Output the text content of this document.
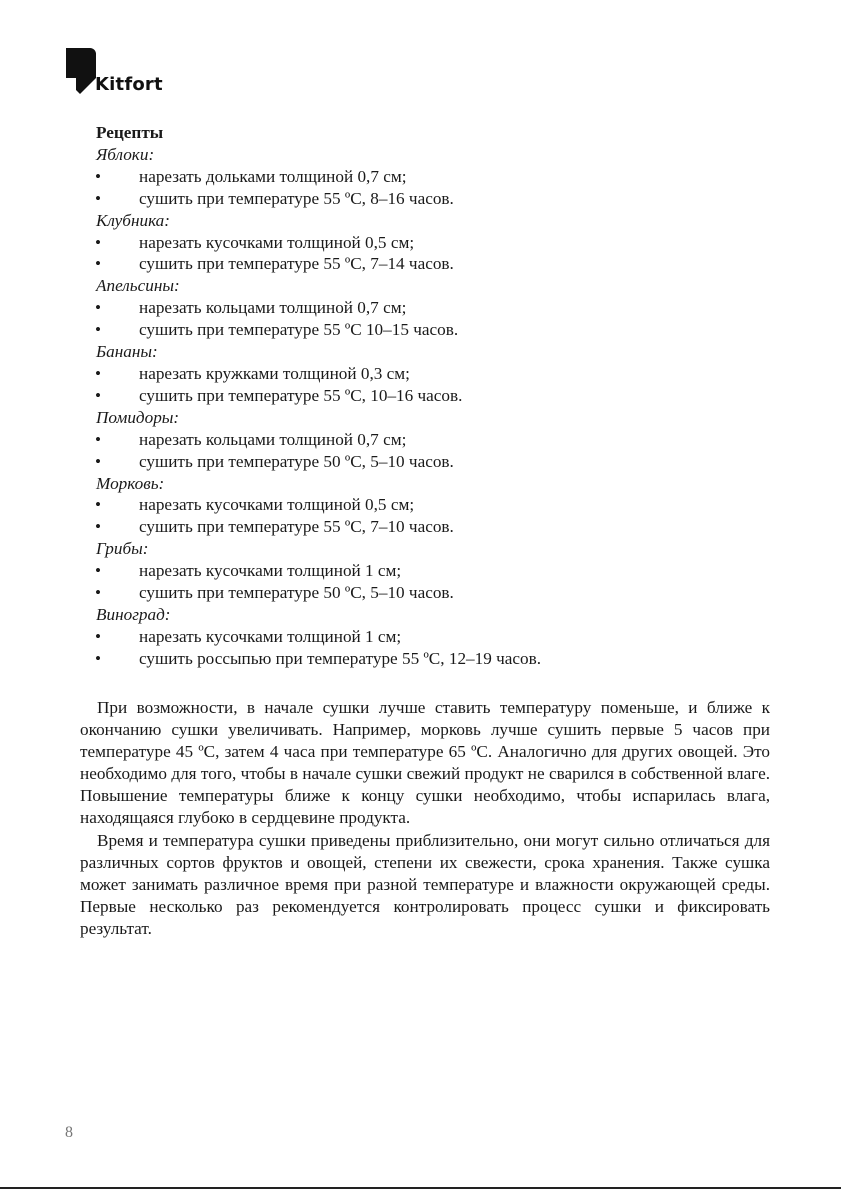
Kitfort

Рецепты

Яблоки:

• нарезать дольками толщиной 0,7 см;

• сушить при температуре 55 ºС, 8–16 часов.

Клубника:

• нарезать кусочками толщиной 0,5 см;

• сушить при температуре 55 ºС, 7–14 часов.

Апельсины:

• нарезать кольцами толщиной 0,7 см;

• сушить при температуре 55 ºС 10–15 часов.

Бананы:

• нарезать кружками толщиной 0,3 см;

• сушить при температуре 55 ºС, 10–16 часов.

Помидоры:

• нарезать кольцами толщиной 0,7 см;

• сушить при температуре 50 ºС, 5–10 часов.

Морковь:

• нарезать кусочками толщиной 0,5 см;

• сушить при температуре 55 ºС, 7–10 часов.

Грибы:

• нарезать кусочками толщиной 1 см;

• сушить при температуре 50 ºС, 5–10 часов.

Виноград:

• нарезать кусочками толщиной 1 см;

• сушить россыпью при температуре 55 ºС, 12–19 часов.

При возможности, в начале сушки лучше ставить температуру поменьше, и ближе к окончанию сушки увеличивать. Например, морковь лучше сушить первые 5 часов при температуре 45 ºС, затем 4 часа при температуре 65 ºС. Аналогично для других овощей. Это необходимо для того, чтобы в начале сушки свежий продукт не сварился в собственной влаге. Повышение температуры ближе к концу сушки необходимо, чтобы испарилась влага, находящаяся глубоко в сердцевине продукта.

Время и температура сушки приведены приблизительно, они могут сильно отличаться для различных сортов фруктов и овощей, степени их свежести, срока хранения. Также сушка может занимать различное время при разной температуре и влажности окружающей среды. Первые несколько раз рекомендуется контролировать процесс сушки и фиксировать результат.

8
